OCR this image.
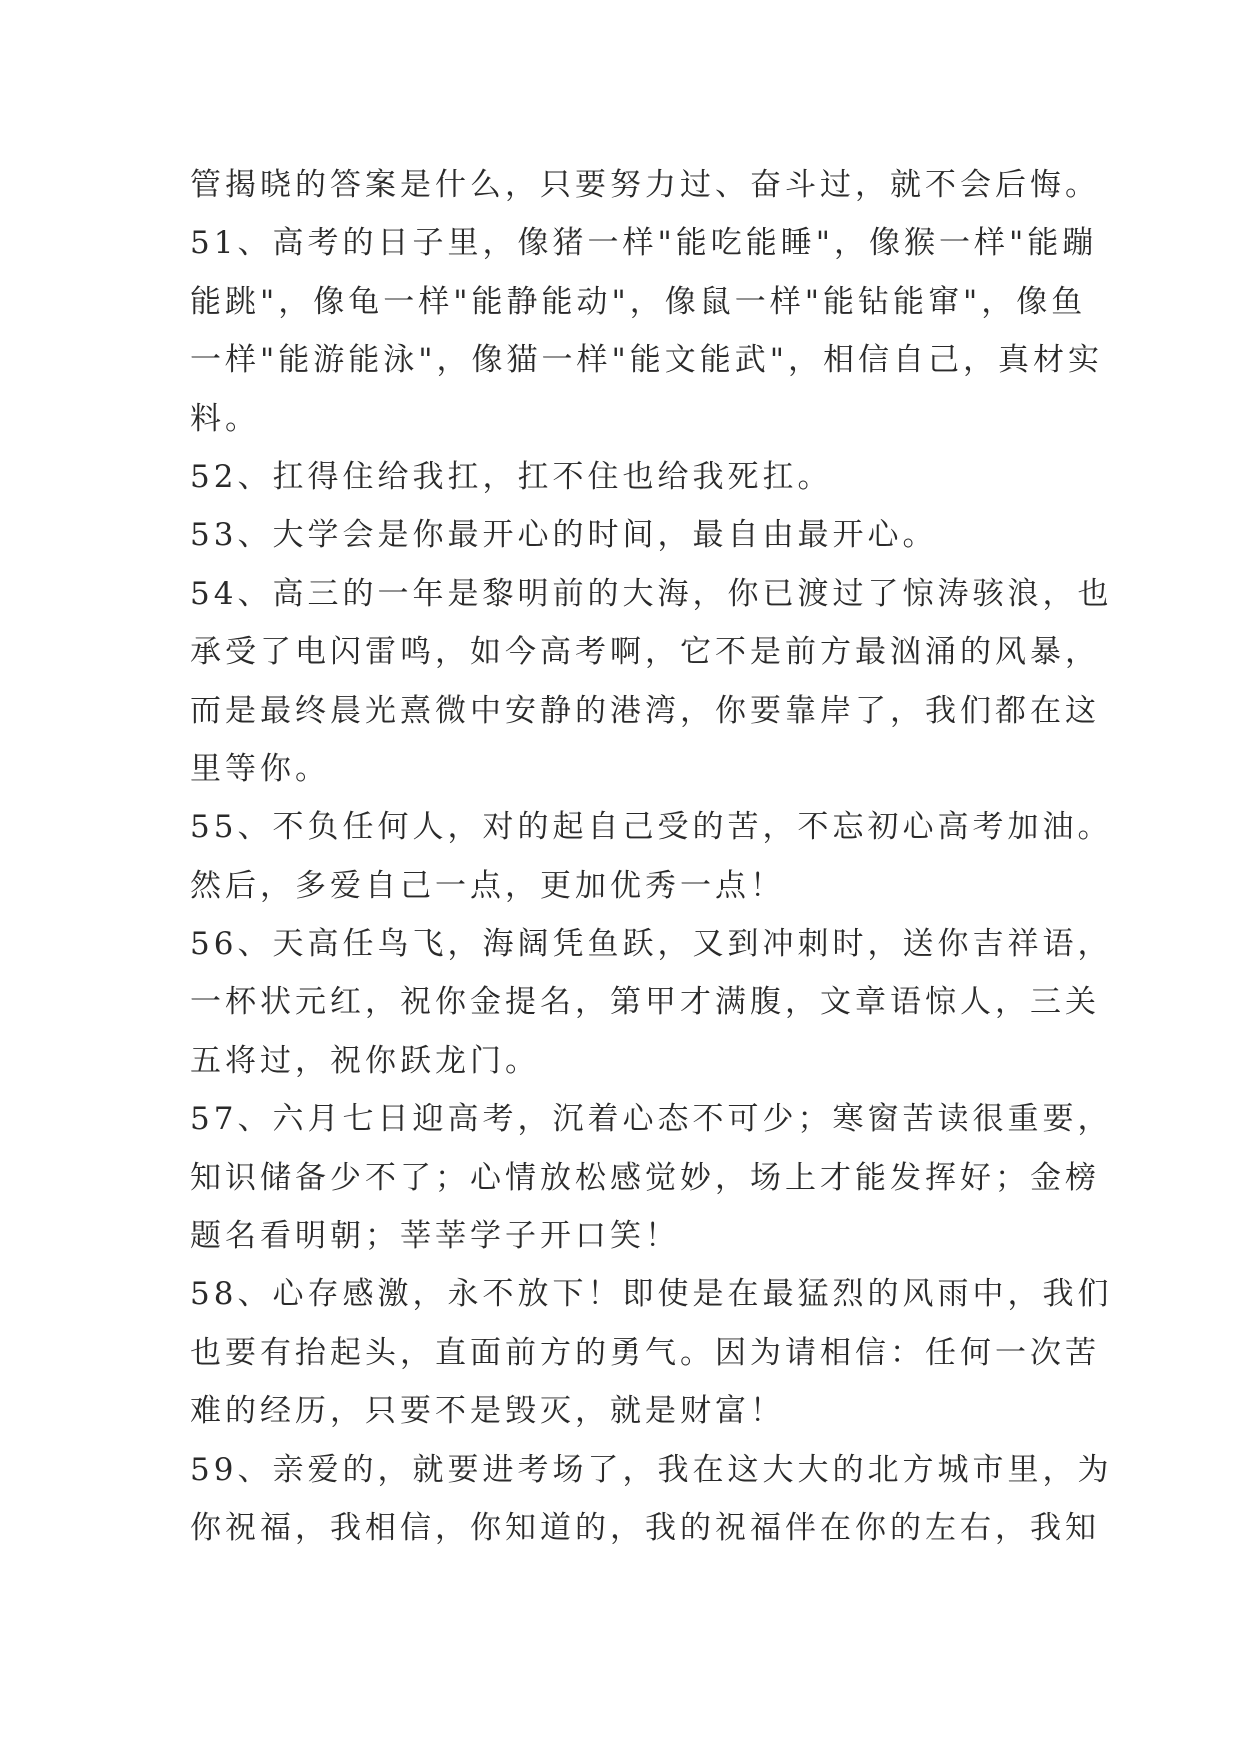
管揭晓的答案是什么，只要努力过、奋斗过，就不会后悔。
51、高考的日子里，像猪一样"能吃能睡"，像猴一样"能蹦
能跳"，像龟一样"能静能动"，像鼠一样"能钻能窜"，像鱼
一样"能游能泳"，像猫一样"能文能武"，相信自己，真材实
料。
52、扛得住给我扛，扛不住也给我死扛。
53、大学会是你最开心的时间，最自由最开心。
54、高三的一年是黎明前的大海，你已渡过了惊涛骇浪，也
承受了电闪雷鸣，如今高考啊，它不是前方最汹涌的风暴，
而是最终晨光熹微中安静的港湾，你要靠岸了，我们都在这
里等你。
55、不负任何人，对的起自己受的苦，不忘初心高考加油。
然后，多爱自己一点，更加优秀一点！
56、天高任鸟飞，海阔凭鱼跃，又到冲刺时，送你吉祥语，
一杯状元红，祝你金提名，第甲才满腹，文章语惊人，三关
五将过，祝你跃龙门。
57、六月七日迎高考，沉着心态不可少；寒窗苦读很重要，
知识储备少不了；心情放松感觉妙，场上才能发挥好；金榜
题名看明朝；莘莘学子开口笑！
58、心存感激，永不放下！即使是在最猛烈的风雨中，我们
也要有抬起头，直面前方的勇气。因为请相信：任何一次苦
难的经历，只要不是毁灭，就是财富！
59、亲爱的，就要进考场了，我在这大大的北方城市里，为
你祝福，我相信，你知道的，我的祝福伴在你的左右，我知
